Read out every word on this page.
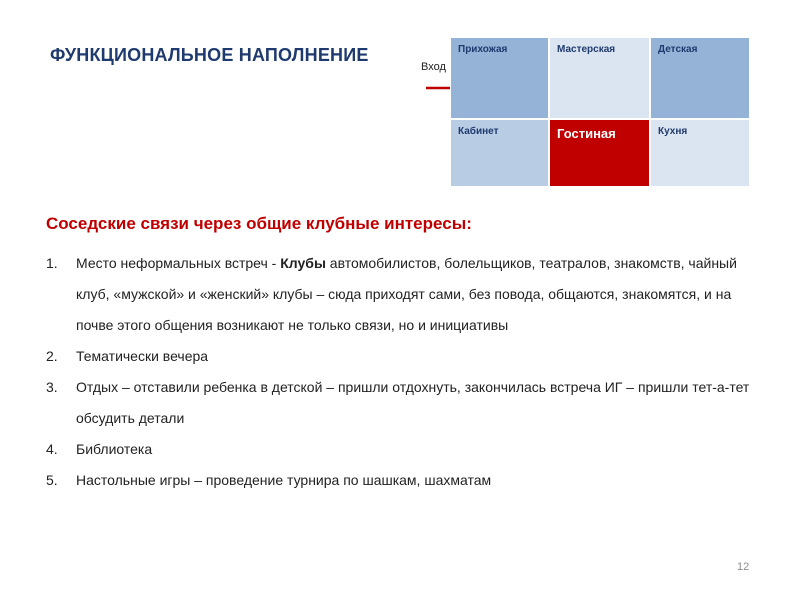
ФУНКЦИОНАЛЬНОЕ НАПОЛНЕНИЕ
Вход
Прихожая	Мастерская	Детская
Кабинет	Гостиная	Кухня
Соседские связи через общие клубные интересы:
1. Место неформальных встреч - Клубы автомобилистов, болельщиков, театралов, знакомств, чайный клуб, «мужской» и «женский» клубы – сюда приходят сами, без повода, общаются, знакомятся, и на почве этого общения возникают не только связи, но и инициативы
2. Тематически вечера
3. Отдых – отставили ребенка в детской – пришли отдохнуть, закончилась встреча ИГ – пришли тет-а-тет обсудить детали
4. Библиотека
5. Настольные игры – проведение турнира по шашкам, шахматам
12
